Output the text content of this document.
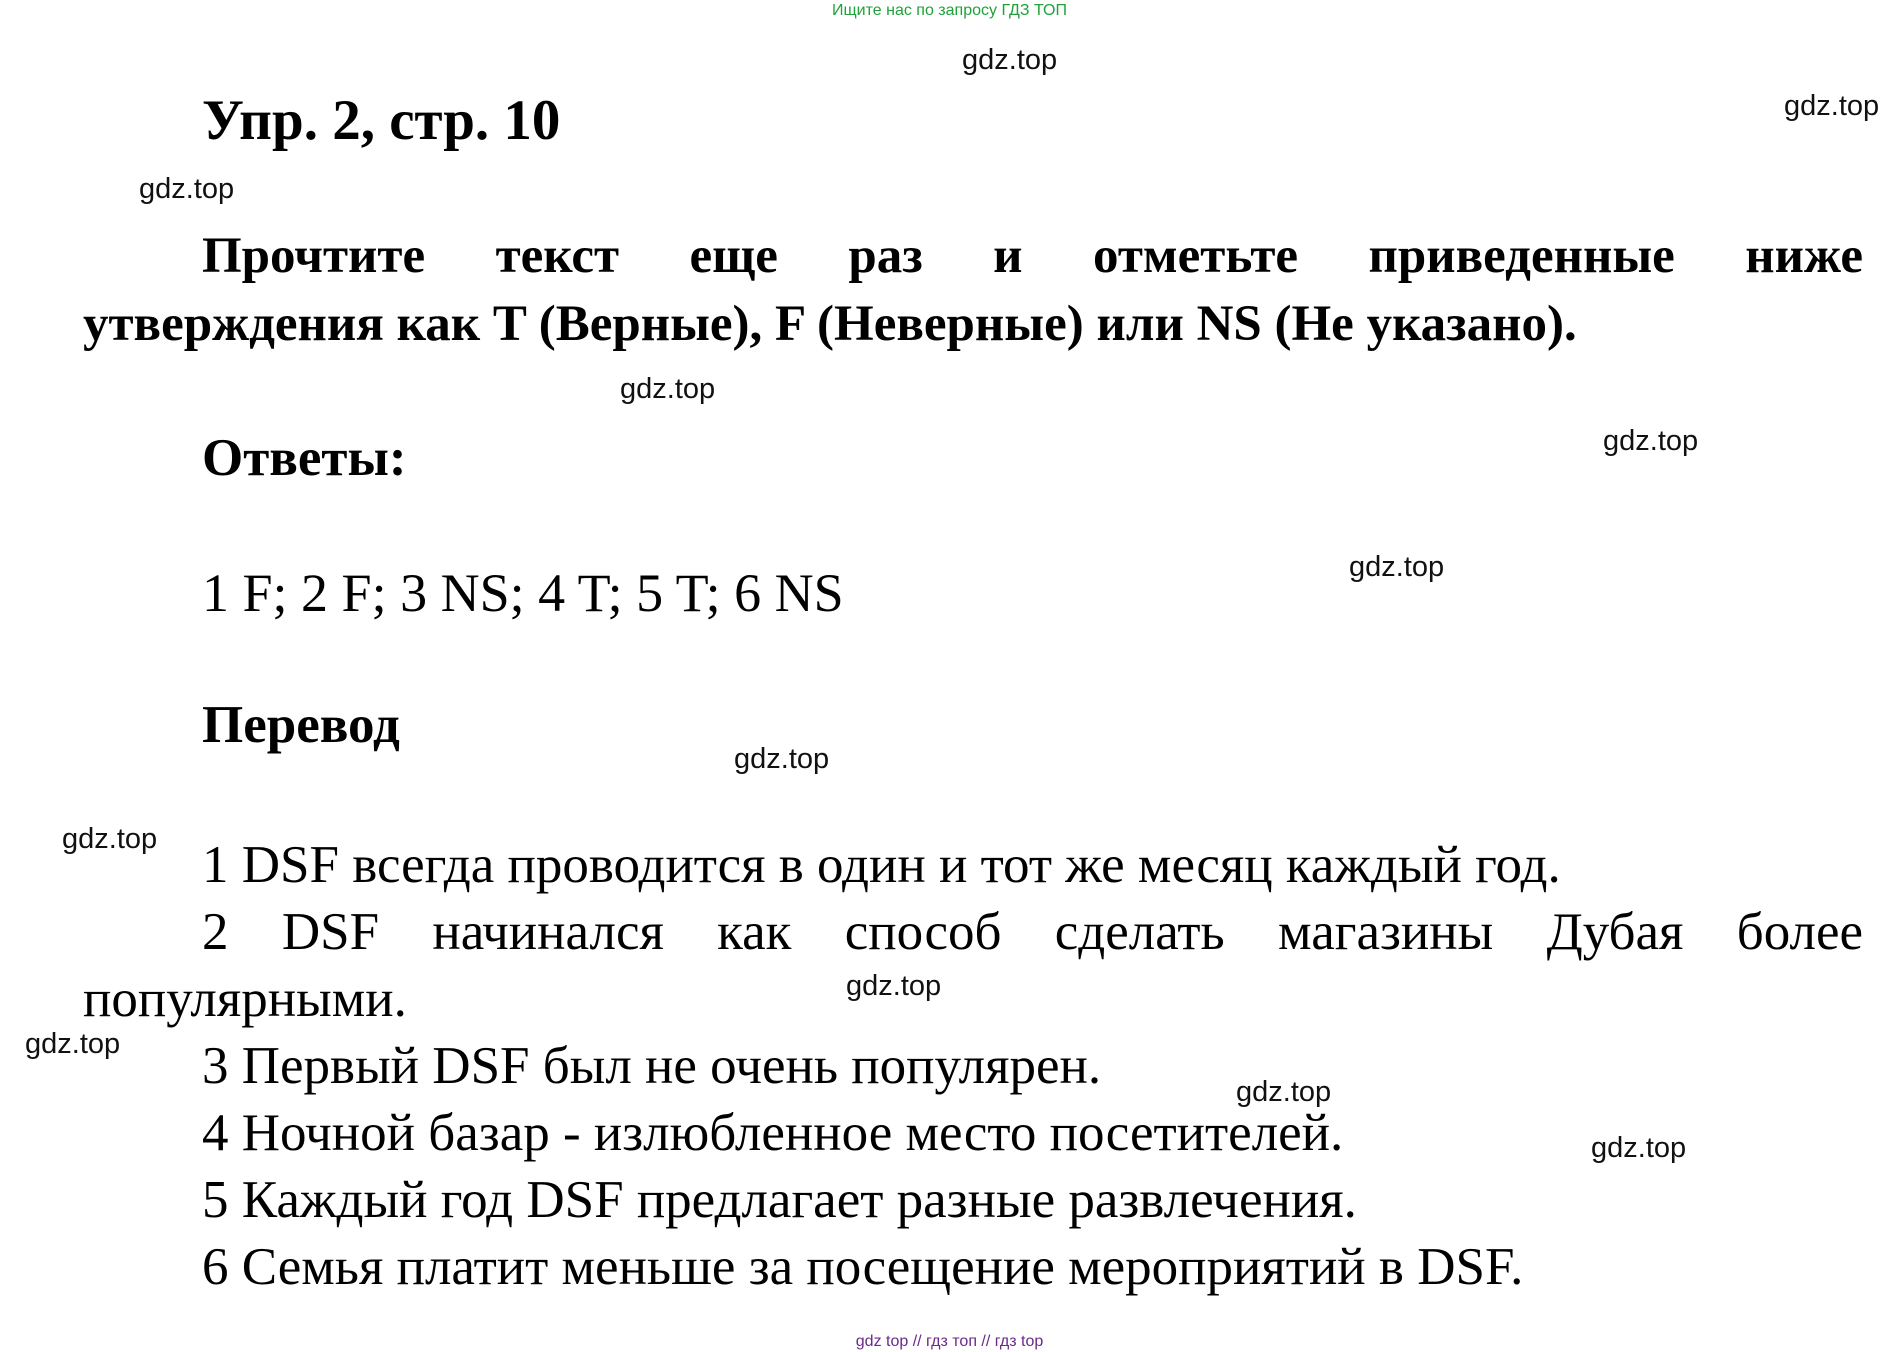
Ищите нас по запросу ГДЗ ТОП
gdz.top
gdz.top
gdz.top
gdz.top
gdz.top
gdz.top
gdz.top
gdz.top
gdz.top
gdz.top
gdz.top
gdz.top
Упр. 2, стр. 10
Прочтите текст еще раз и отметьте приведенные ниже
утверждения как T (Верные), F (Неверные) или NS (Не указано).
Ответы:
1 F; 2 F; 3 NS; 4 T; 5 T; 6 NS
Перевод
1 DSF всегда проводится в один и тот же месяц каждый год.
2 DSF начинался как способ сделать магазины Дубая более
популярными.
3 Первый DSF был не очень популярен.
4 Ночной базар - излюбленное место посетителей.
5 Каждый год DSF предлагает разные развлечения.
6 Семья платит меньше за посещение мероприятий в DSF.
gdz top // гдз топ // гдз top
